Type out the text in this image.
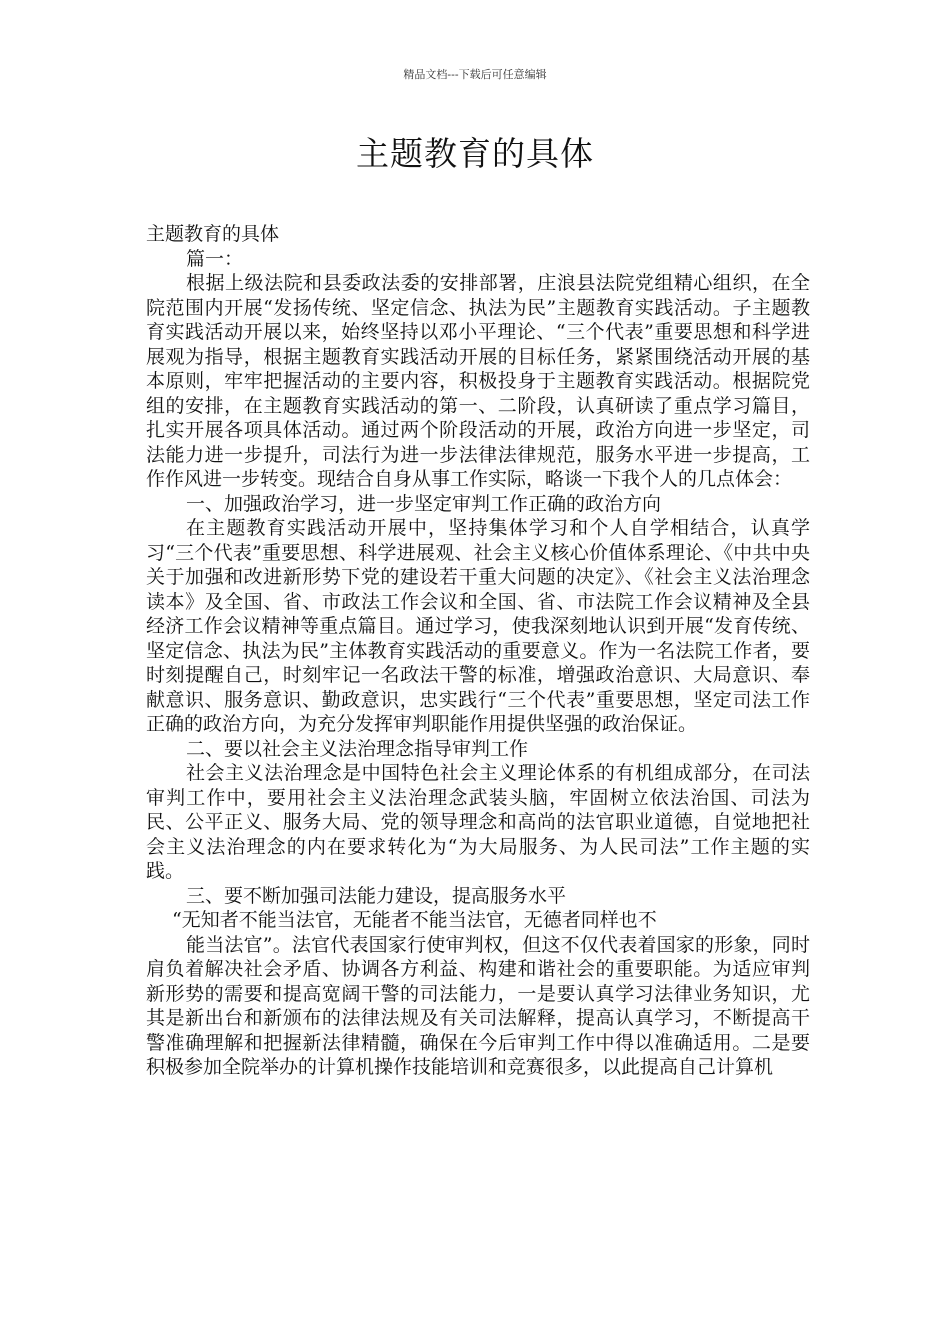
精品文档---下载后可任意编辑
主题教育的具体

主题教育的具体

篇一：

根据上级法院和县委政法委的安排部署，庄浪县法院党组精心组织，在全院范围内开展“发扬传统、坚定信念、执法为民”主题教育实践活动。子主题教育实践活动开展以来，始终坚持以邓小平理论、“三个代表”重要思想和科学进展观为指导，根据主题教育实践活动开展的目标任务，紧紧围绕活动开展的基本原则，牢牢把握活动的主要内容，积极投身于主题教育实践活动。根据院党组的安排，在主题教育实践活动的第一、二阶段，认真研读了重点学习篇目，扎实开展各项具体活动。通过两个阶段活动的开展，政治方向进一步坚定，司法能力进一步提升，司法行为进一步法律法律规范，服务水平进一步提高，工作作风进一步转变。现结合自身从事工作实际，略谈一下我个人的几点体会：

一、加强政治学习，进一步坚定审判工作正确的政治方向

在主题教育实践活动开展中，坚持集体学习和个人自学相结合，认真学习“三个代表”重要思想、科学进展观、社会主义核心价值体系理论、《中共中央关于加强和改进新形势下党的建设若干重大问题的决定》、《社会主义法治理念读本》及全国、省、市政法工作会议和全国、省、市法院工作会议精神及全县经济工作会议精神等重点篇目。通过学习，使我深刻地认识到开展“发育传统、坚定信念、执法为民”主体教育实践活动的重要意义。作为一名法院工作者，要时刻提醒自己，时刻牢记一名政法干警的标准，增强政治意识、大局意识、奉献意识、服务意识、勤政意识，忠实践行“三个代表”重要思想，坚定司法工作正确的政治方向，为充分发挥审判职能作用提供坚强的政治保证。

二、要以社会主义法治理念指导审判工作

社会主义法治理念是中国特色社会主义理论体系的有机组成部分，在司法审判工作中，要用社会主义法治理念武装头脑，牢固树立依法治国、司法为民、公平正义、服务大局、党的领导理念和高尚的法官职业道德，自觉地把社会主义法治理念的内在要求转化为“为大局服务、为人民司法”工作主题的实践。

三、要不断加强司法能力建设，提高服务水平

“无知者不能当法官，无能者不能当法官，无德者同样也不

能当法官”。法官代表国家行使审判权，但这不仅代表着国家的形象，同时肩负着解决社会矛盾、协调各方利益、构建和谐社会的重要职能。为适应审判新形势的需要和提高宽阔干警的司法能力，一是要认真学习法律业务知识，尤其是新出台和新颁布的法律法规及有关司法解释，提高认真学习，不断提高干警准确理解和把握新法律精髓，确保在今后审判工作中得以准确适用。二是要积极参加全院举办的计算机操作技能培训和竞赛很多，以此提高自己计算机
